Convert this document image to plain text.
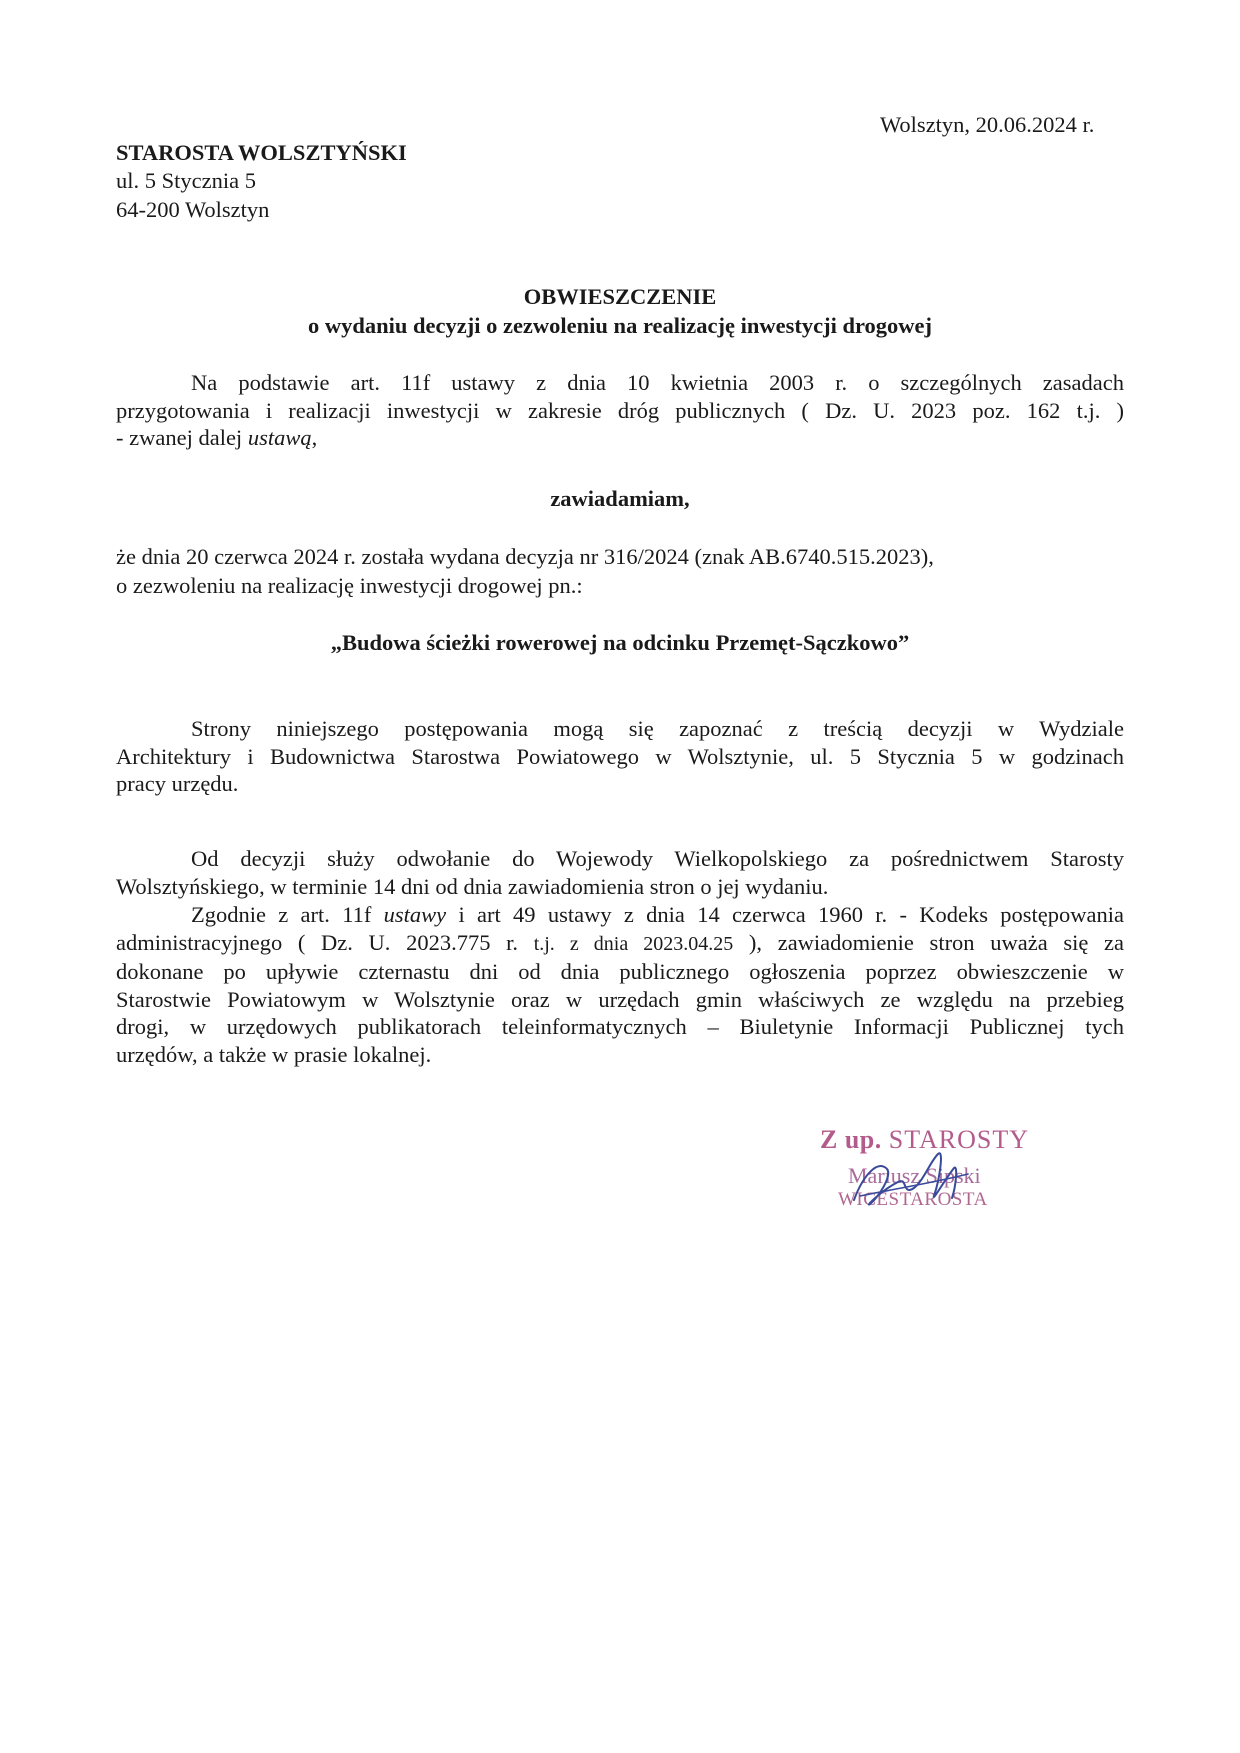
Wolsztyn, 20.06.2024 r.
STAROSTA WOLSZTYŃSKI
ul. 5 Stycznia 5
64-200 Wolsztyn
OBWIESZCZENIE
o wydaniu decyzji o zezwoleniu na realizację inwestycji drogowej
Na podstawie art. 11f ustawy z dnia 10 kwietnia 2003 r. o szczególnych zasadach
przygotowania i realizacji inwestycji w zakresie dróg publicznych ( Dz. U. 2023 poz. 162 t.j. )
- zwanej dalej ustawą,
zawiadamiam,
że dnia 20 czerwca 2024 r. została wydana decyzja nr 316/2024 (znak AB.6740.515.2023),
o zezwoleniu na realizację inwestycji drogowej pn.:
„Budowa ścieżki rowerowej na odcinku Przemęt-Sączkowo”
Strony niniejszego postępowania mogą się zapoznać z treścią decyzji w Wydziale
Architektury i Budownictwa Starostwa Powiatowego w Wolsztynie, ul. 5 Stycznia 5 w godzinach
pracy urzędu.
Od decyzji służy odwołanie do Wojewody Wielkopolskiego za pośrednictwem Starosty
Wolsztyńskiego, w terminie 14 dni od dnia zawiadomienia stron o jej wydaniu.
Zgodnie z art. 11f ustawy i art 49 ustawy z dnia 14 czerwca 1960 r. - Kodeks postępowania
administracyjnego ( Dz. U. 2023.775 r. t.j. z dnia 2023.04.25 ), zawiadomienie stron uważa się za
dokonane po upływie czternastu dni od dnia publicznego ogłoszenia poprzez obwieszczenie w
Starostwie Powiatowym w Wolsztynie oraz w urzędach gmin właściwych ze względu na przebieg
drogi, w urzędowych publikatorach teleinformatycznych – Biuletynie Informacji Publicznej tych
urzędów, a także w prasie lokalnej.
Z up. STAROSTY
Mariusz Sipski
WICESTAROSTA
